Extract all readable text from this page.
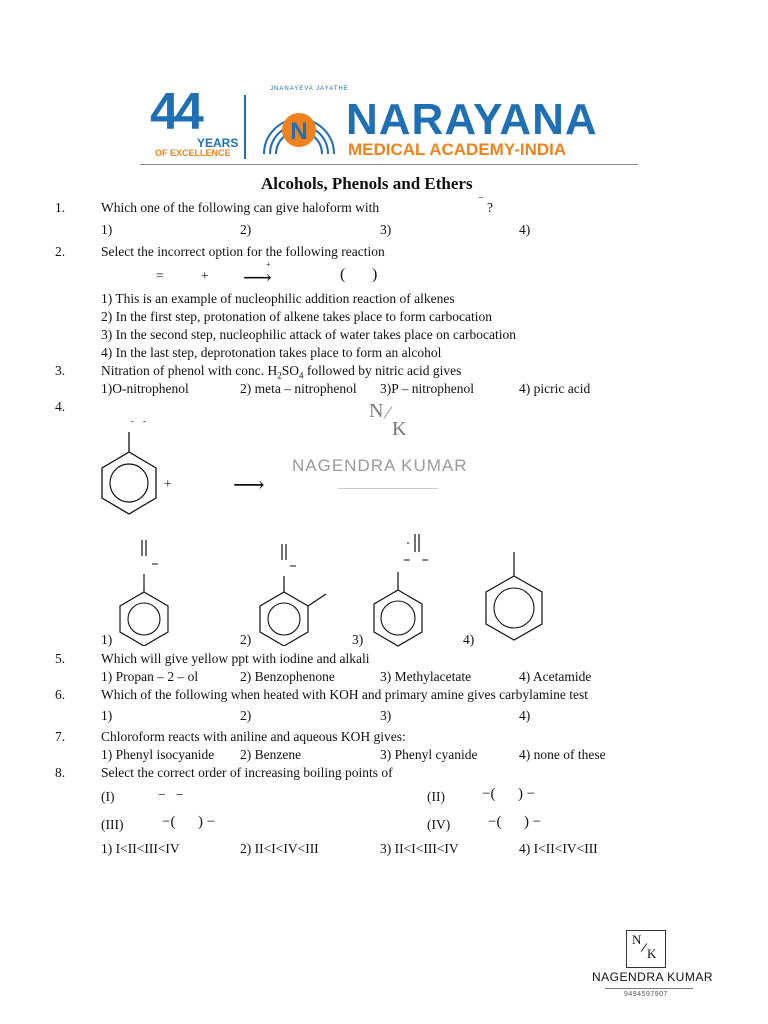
44
YEARS
OF EXCELLENCE
N
JNANAYEVA JAYATHE
NARAYANA
MEDICAL ACADEMY-INDIA
Alcohols, Phenols and Ethers
N
K
NAGENDRA KUMAR
1.	Which one of the following can give haloform with
−
?
1)	2)	3)	4)
2.	Select the incorrect option for the following reaction
=	+
+
⟶	( )
1) This is an example of nucleophilic addition reaction of alkenes
2) In the first step, protonation of alkene takes place to form carbocation
3) In the second step, nucleophilic attack of water takes place on carbocation
4) In the last step, deprotonation takes place to form an alcohol
3.	Nitration of phenol with conc. $H_2SO_4$ followed by nitric acid gives
1)O-nitrophenol	2) meta – nitrophenol 3)P – nitrophenol	4) picric acid
4.
-    -
+	⟶
1)	2)	3)	4)
5.	Which will give yellow ppt with iodine and alkali
1) Propan – 2 – ol	2) Benzophenone	3) Methylacetate	4) Acetamide
6.	Which of the following when heated with KOH and primary amine gives carbylamine test
1)	2)	3)	4)
7.	Chloroform reacts with aniline and aqueous KOH gives:
1) Phenyl isocyanide 2) Benzene	3) Phenyl cyanide	4) none of these
8.	Select the correct order of increasing boiling points of
(I)	−   −	(II) −(      ) −
(III)	−(      ) −	(IV)	−(      ) −
1) I<II<III<IV	2) II<I<IV<III	3) II<I<III<IV	4) I<II<IV<III
N
K
NAGENDRA KUMAR
9494597907
